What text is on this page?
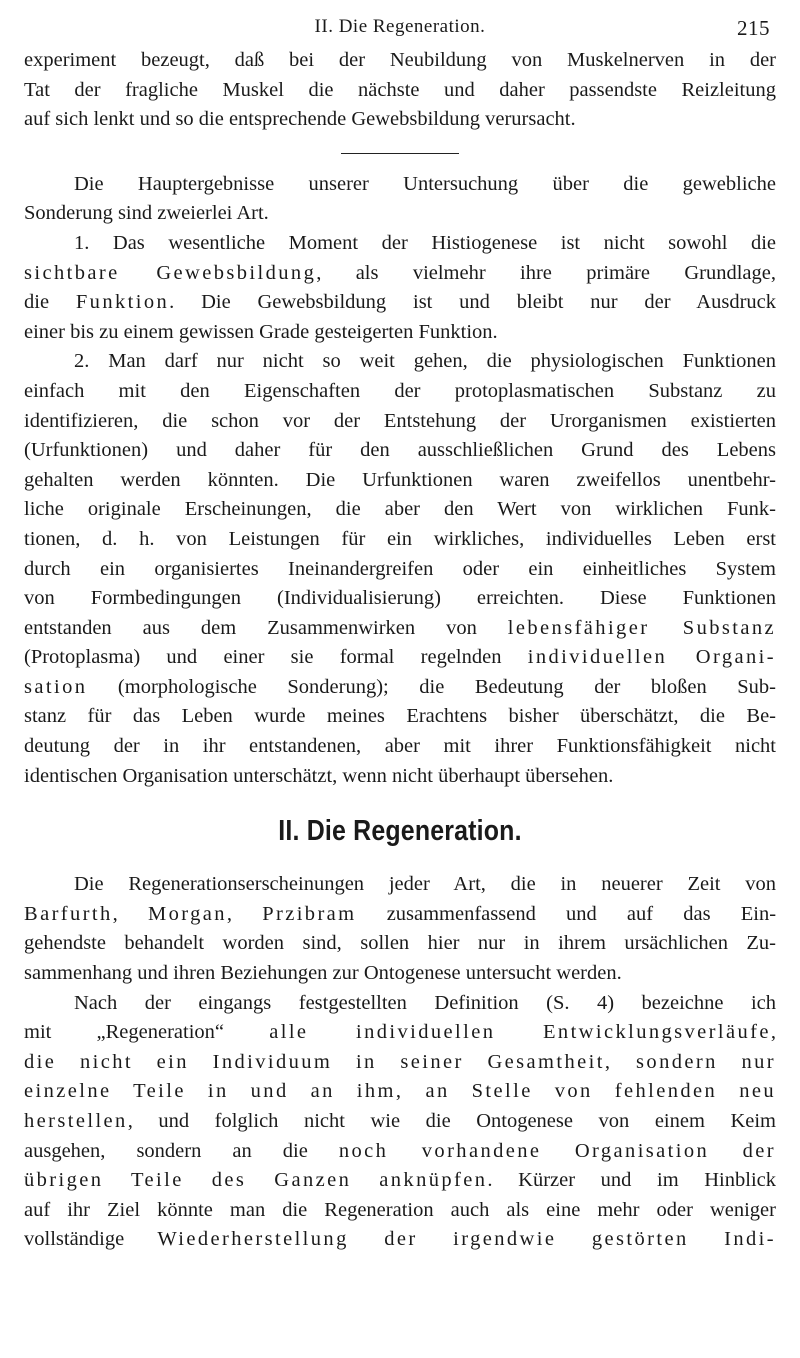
II. Die Regeneration.	215

experiment bezeugt, daß bei der Neubildung von Muskelnerven in der
Tat der fragliche Muskel die nächste und daher passendste Reizleitung
auf sich lenkt und so die entsprechende Gewebsbildung verursacht.

Die Hauptergebnisse unserer Untersuchung über die gewebliche
Sonderung sind zweierlei Art.

1. Das wesentliche Moment der Histiogenese ist nicht sowohl die
sichtbare Gewebsbildung, als vielmehr ihre primäre Grundlage,
die Funktion. Die Gewebsbildung ist und bleibt nur der Ausdruck
einer bis zu einem gewissen Grade gesteigerten Funktion.

2. Man darf nur nicht so weit gehen, die physiologischen Funktionen
einfach mit den Eigenschaften der protoplasmatischen Substanz zu
identifizieren, die schon vor der Entstehung der Urorganismen existierten
(Urfunktionen) und daher für den ausschließlichen Grund des Lebens
gehalten werden könnten. Die Urfunktionen waren zweifellos unentbehr-
liche originale Erscheinungen, die aber den Wert von wirklichen Funk-
tionen, d. h. von Leistungen für ein wirkliches, individuelles Leben erst
durch ein organisiertes Ineinandergreifen oder ein einheitliches System
von Formbedingungen (Individualisierung) erreichten. Diese Funktionen
entstanden aus dem Zusammenwirken von lebensfähiger Substanz
(Protoplasma) und einer sie formal regelnden individuellen Organi-
sation (morphologische Sonderung); die Bedeutung der bloßen Sub-
stanz für das Leben wurde meines Erachtens bisher überschätzt, die Be-
deutung der in ihr entstandenen, aber mit ihrer Funktionsfähigkeit nicht
identischen Organisation unterschätzt, wenn nicht überhaupt übersehen.

II. Die Regeneration.

Die Regenerationserscheinungen jeder Art, die in neuerer Zeit von
Barfurth, Morgan, Przibram zusammenfassend und auf das Ein-
gehendste behandelt worden sind, sollen hier nur in ihrem ursächlichen Zu-
sammenhang und ihren Beziehungen zur Ontogenese untersucht werden.

Nach der eingangs festgestellten Definition (S. 4) bezeichne ich
mit „Regeneration“ alle individuellen Entwicklungsverläufe,
die nicht ein Individuum in seiner Gesamtheit, sondern nur
einzelne Teile in und an ihm, an Stelle von fehlenden neu
herstellen, und folglich nicht wie die Ontogenese von einem Keim
ausgehen, sondern an die noch vorhandene Organisation der
übrigen Teile des Ganzen anknüpfen. Kürzer und im Hinblick
auf ihr Ziel könnte man die Regeneration auch als eine mehr oder weniger
vollständige Wiederherstellung der irgendwie gestörten Indi-
